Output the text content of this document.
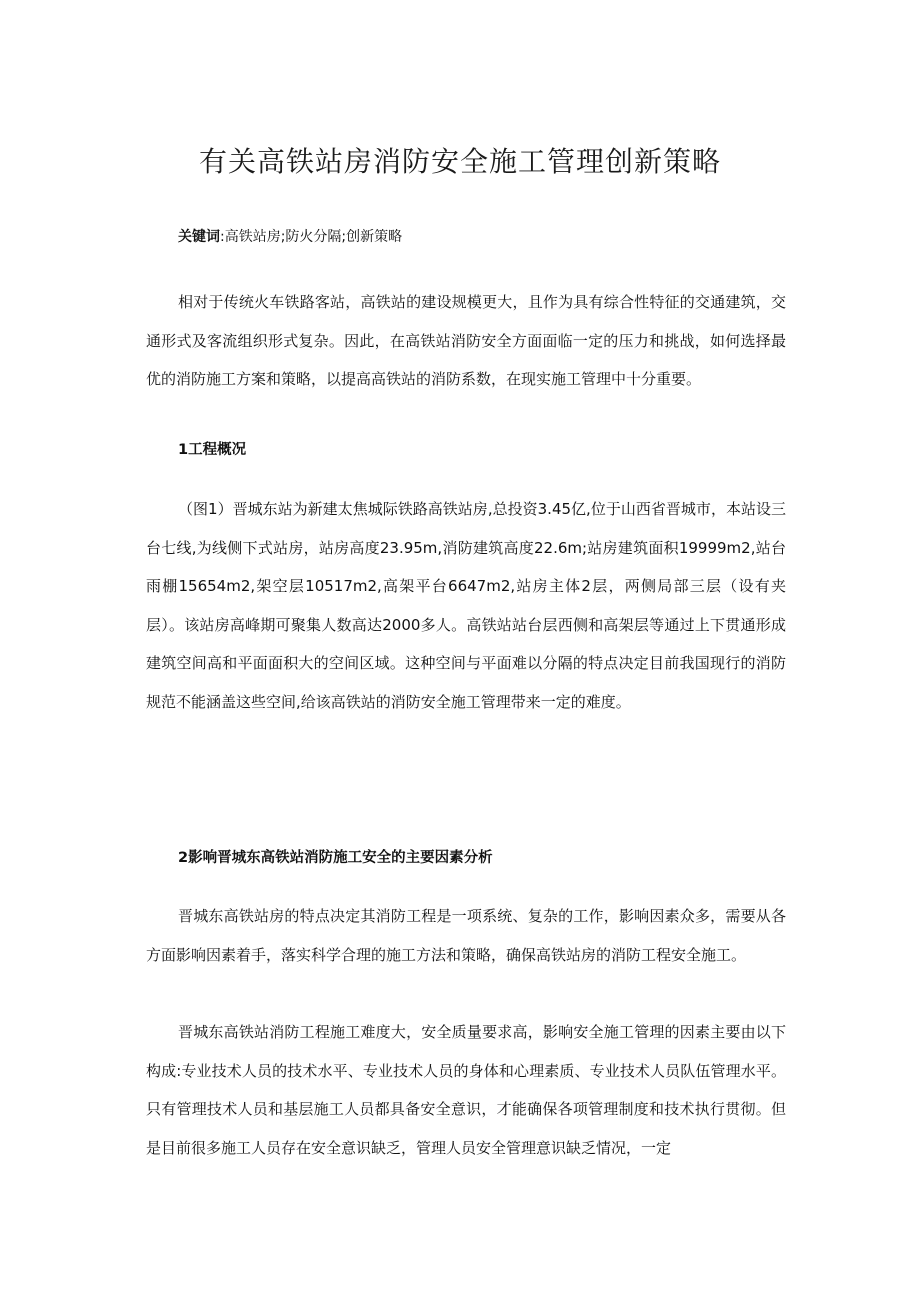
有关高铁站房消防安全施工管理创新策略
关键词:高铁站房;防火分隔;创新策略

相对于传统火车铁路客站，高铁站的建设规模更大，且作为具有综合性特征的交通建筑，交通形式及客流组织形式复杂。因此，在高铁站消防安全方面面临一定的压力和挑战，如何选择最优的消防施工方案和策略，以提高高铁站的消防系数，在现实施工管理中十分重要。

1工程概况

（图1）晋城东站为新建太焦城际铁路高铁站房,总投资3.45亿,位于山西省晋城市，本站设三台七线,为线侧下式站房，站房高度23.95m,消防建筑高度22.6m;站房建筑面积19999m2,站台雨棚15654m2,架空层10517m2,高架平台6647m2,站房主体2层，两侧局部三层（设有夹层）。该站房高峰期可聚集人数高达2000多人。高铁站站台层西侧和高架层等通过上下贯通形成建筑空间高和平面面积大的空间区域。这种空间与平面难以分隔的特点决定目前我国现行的消防规范不能涵盖这些空间,给该高铁站的消防安全施工管理带来一定的难度。

2影响晋城东高铁站消防施工安全的主要因素分析

晋城东高铁站房的特点决定其消防工程是一项系统、复杂的工作，影响因素众多，需要从各方面影响因素着手，落实科学合理的施工方法和策略，确保高铁站房的消防工程安全施工。

晋城东高铁站消防工程施工难度大，安全质量要求高，影响安全施工管理的因素主要由以下构成:专业技术人员的技术水平、专业技术人员的身体和心理素质、专业技术人员队伍管理水平。只有管理技术人员和基层施工人员都具备安全意识，才能确保各项管理制度和技术执行贯彻。但是目前很多施工人员存在安全意识缺乏，管理人员安全管理意识缺乏情况，一定
